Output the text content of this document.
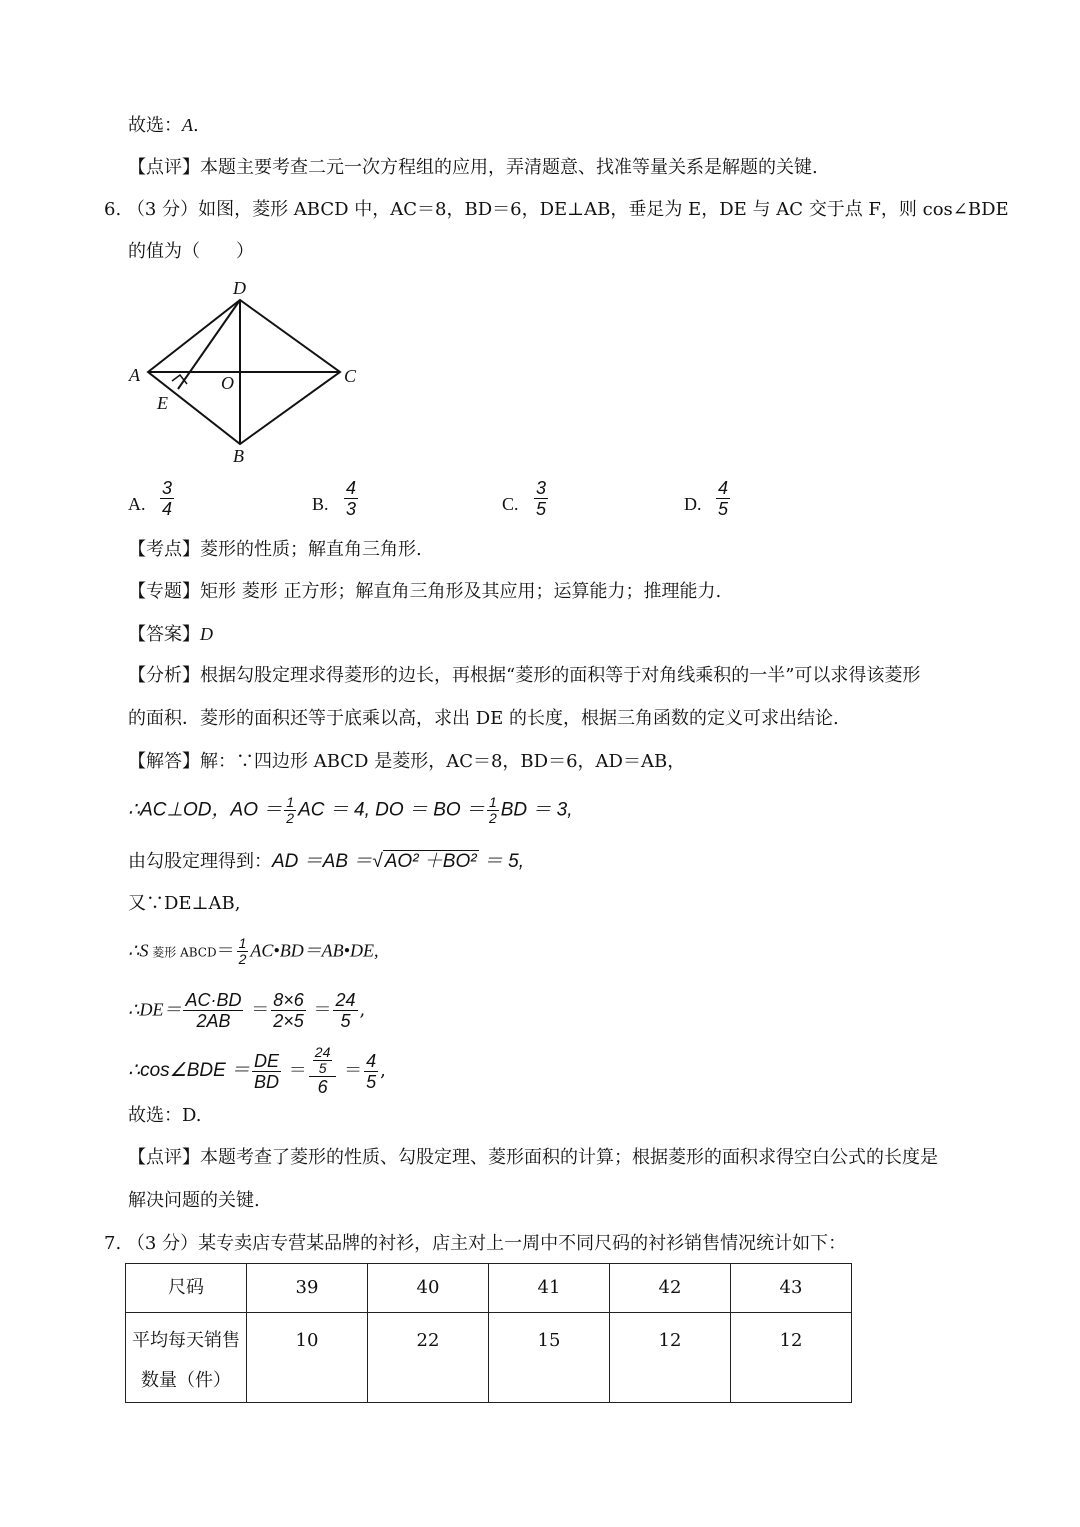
故选：A.
【点评】本题主要考查二元一次方程组的应用，弄清题意、找准等量关系是解题的关键.
6. （3 分）如图，菱形 ABCD 中，AC＝8，BD＝6，DE⊥AB，垂足为 E，DE 与 AC 交于点 F，则 cos∠BDE
的值为（　　）
D
A	O	C
E
B
A. $\frac{3}{4}$	B. $\frac{4}{3}$	C. $\frac{3}{5}$	D. $\frac{4}{5}$
【考点】菱形的性质；解直角三角形.
【专题】矩形 菱形 正方形；解直角三角形及其应用；运算能力；推理能力.
【答案】D
【分析】根据勾股定理求得菱形的边长，再根据“菱形的面积等于对角线乘积的一半”可以求得该菱形
的面积．菱形的面积还等于底乘以高，求出 DE 的长度，根据三角函数的定义可求出结论.
【解答】解：∵四边形 ABCD 是菱形，AC＝8，BD＝6，AD＝AB，
∴AC⊥OD，AO ＝ $\frac{1}{2}$ AC ＝ 4, DO ＝ BO ＝ $\frac{1}{2}$ BD ＝ 3,
由勾股定理得到：AD ＝AB ＝√ AO² ＋BO² ＝ 5,
又∵DE⊥AB,
∴S 菱形 ABCD＝ $\frac{1}{2}$ AC•BD＝AB•DE,
∴DE＝ $\frac{AC\cdot BD}{2AB} = \frac{8\times 6}{2\times 5} = \frac{24}{5}$ ,
∴cos∠BDE ＝ $\frac{DE}{BD} = \frac{\frac{24}{5}}{6} = \frac{4}{5}$ ,
故选：D.
【点评】本题考查了菱形的性质、勾股定理、菱形面积的计算；根据菱形的面积求得空白公式的长度是
解决问题的关键.
7. （3 分）某专卖店专营某品牌的衬衫，店主对上一周中不同尺码的衬衫销售情况统计如下：
尺码	39	40	41	42	43

平均每天销售
数量（件）	10	22	15	12	12
